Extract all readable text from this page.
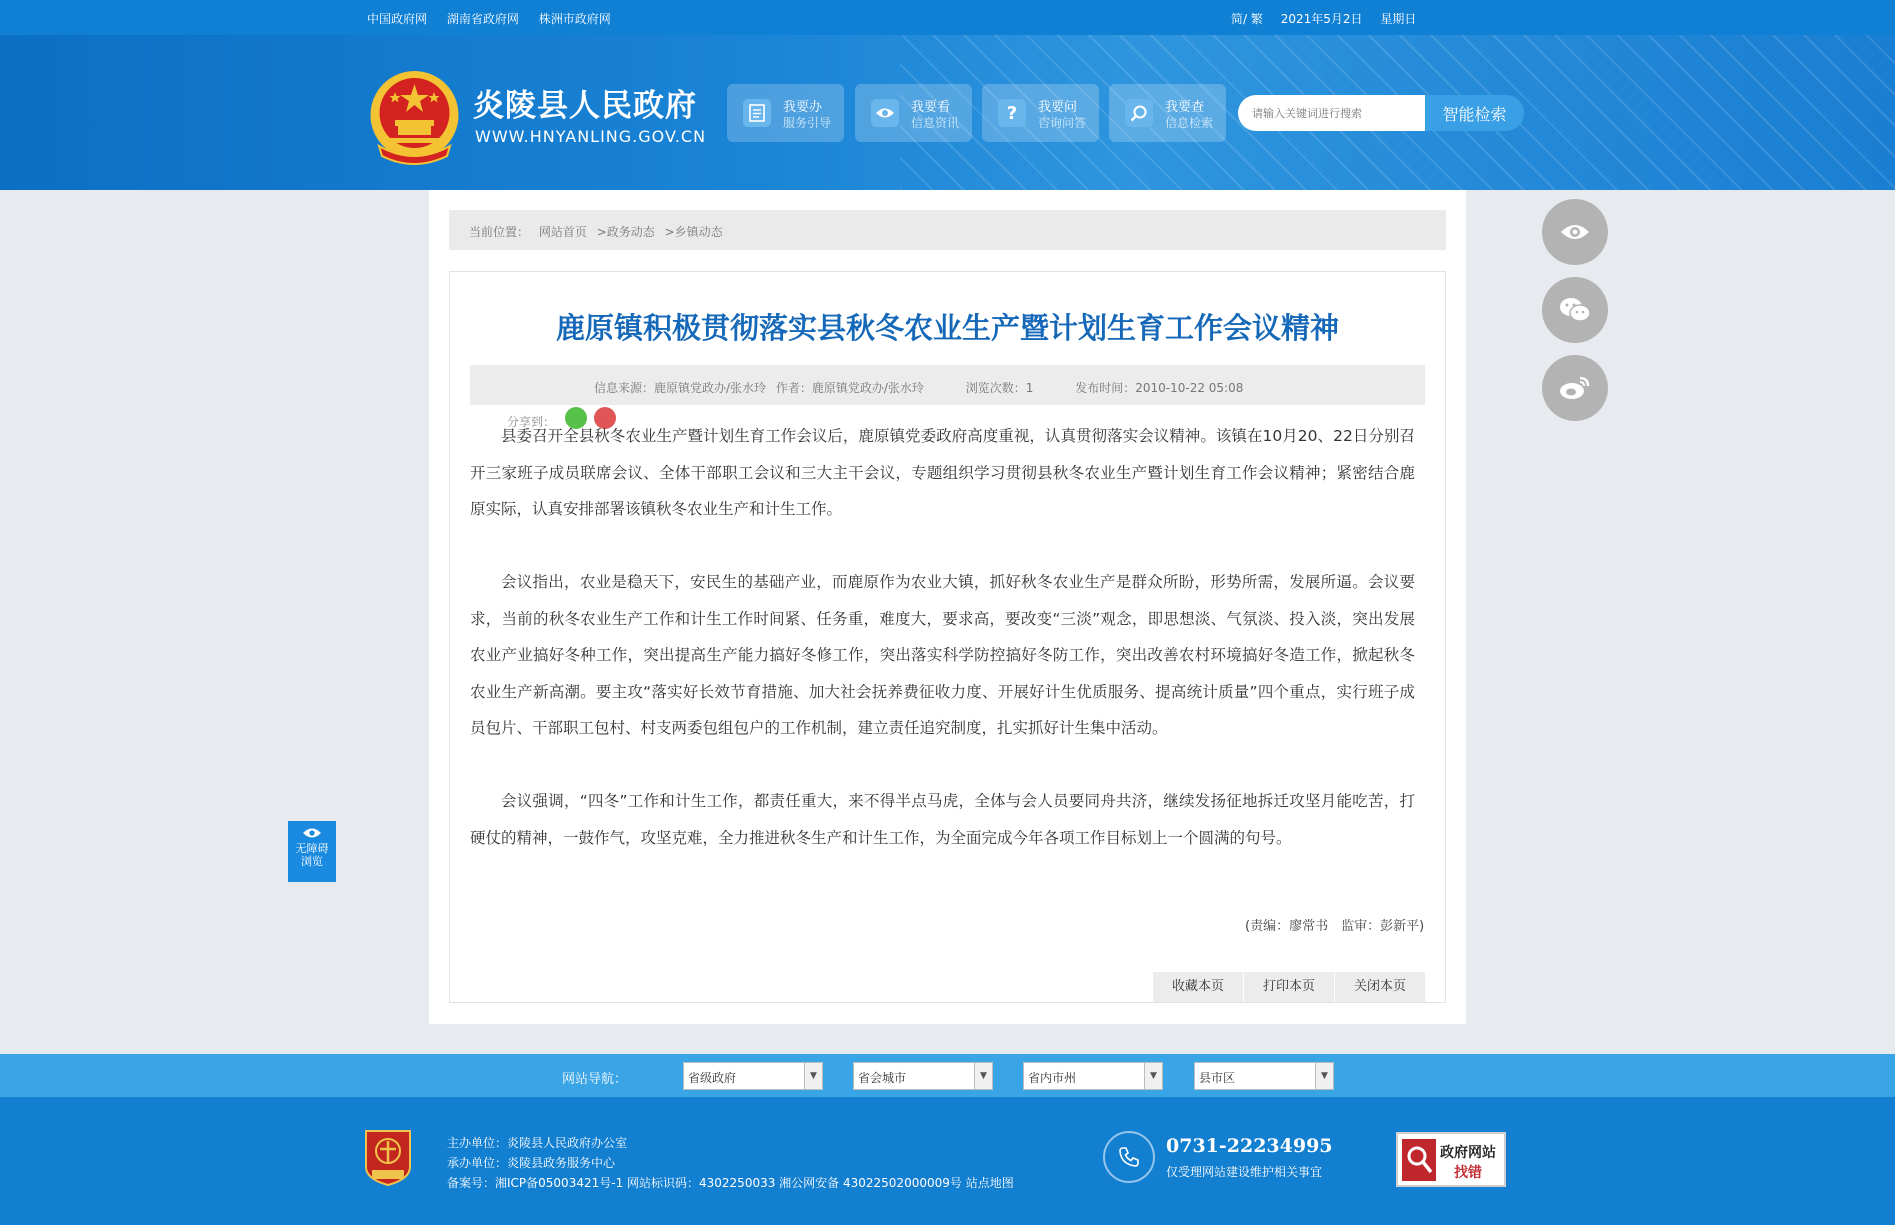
中国政府网 湖南省政府网 株洲市政府网	简/ 繁 2021年5月2日 星期日
炎陵县人民政府
WWW.HNYANLING.GOV.CN
我要办
服务引导
我要看
信息资讯	? 我要问
咨询问答
我要查
信息检索
请输入关键词进行搜索	智能检索
当前位置： 网站首页 >政务动态 >乡镇动态
鹿原镇积极贯彻落实县秋冬农业生产暨计划生育工作会议精神
信息来源：鹿原镇党政办/张水玲 作者：鹿原镇党政办/张水玲	浏览次数：1	发布时间：2010-10-22 05:08
分享到：

县委召开全县秋冬农业生产暨计划生育工作会议后，鹿原镇党委政府高度重视，认真贯彻落实会议精神。该镇在10月20、22日分别召开三家班子成员联席会议、全体干部职工会议和三大主干会议，专题组织学习贯彻县秋冬农业生产暨计划生育工作会议精神；紧密结合鹿原实际，认真安排部署该镇秋冬农业生产和计生工作。

会议指出，农业是稳天下，安民生的基础产业，而鹿原作为农业大镇，抓好秋冬农业生产是群众所盼，形势所需，发展所逼。会议要求，当前的秋冬农业生产工作和计生工作时间紧、任务重，难度大，要求高，要改变“三淡”观念，即思想淡、气氛淡、投入淡，突出发展农业产业搞好冬种工作，突出提高生产能力搞好冬修工作，突出落实科学防控搞好冬防工作，突出改善农村环境搞好冬造工作，掀起秋冬农业生产新高潮。要主攻“落实好长效节育措施、加大社会抚养费征收力度、开展好计生优质服务、提高统计质量”四个重点，实行班子成员包片、干部职工包村、村支两委包组包户的工作机制，建立责任追究制度，扎实抓好计生集中活动。

会议强调，“四冬”工作和计生工作，都责任重大，来不得半点马虎，全体与会人员要同舟共济，继续发扬征地拆迁攻坚月能吃苦，打硬仗的精神，一鼓作气，攻坚克难，全力推进秋冬生产和计生工作，为全面完成今年各项工作目标划上一个圆满的句号。

(责编：廖常书　监审：彭新平)
收藏本页	打印本页	关闭本页
无障碍
浏览
网站导航：	省级政府	▼	省会城市	▼	省内市州	▼	县市区	▼
主办单位：炎陵县人民政府办公室
承办单位：炎陵县政务服务中心
备案号：湘ICP备05003421号-1 网站标识码：4302250033 湘公网安备 43022502000009号 站点地图
0731-22234995
仅受理网站建设维护相关事宜
政府网站
找错
